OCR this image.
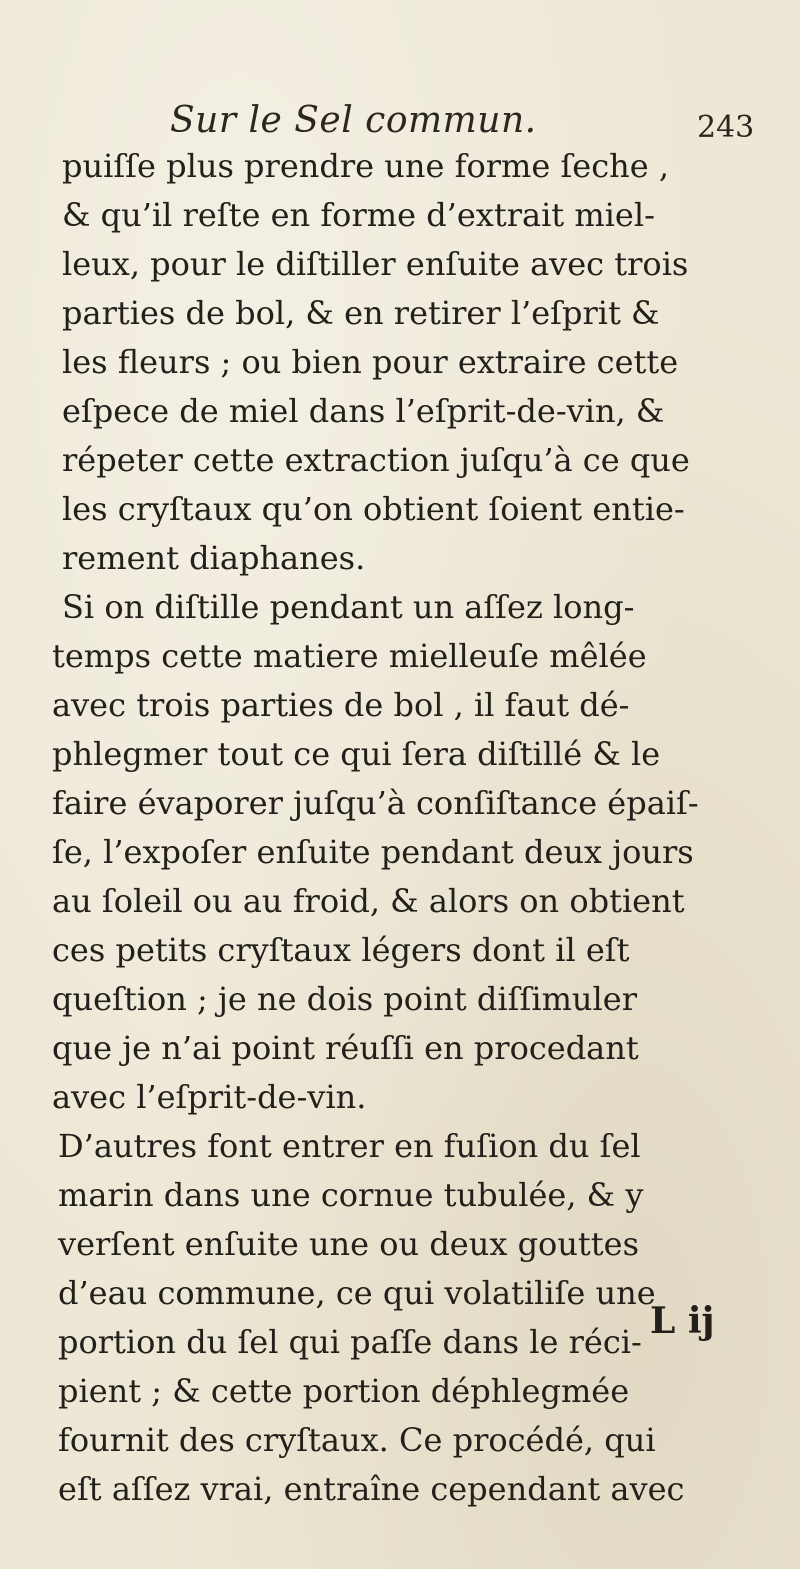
Sur le Sel commun.	243
puiſſe plus prendre une forme ſeche ,
& qu’il reſte en forme d’extrait miel-
leux, pour le diſtiller enſuite avec trois
parties de bol, & en retirer l’eſprit &
les fleurs ; ou bien pour extraire cette
eſpece de miel dans l’eſprit-de-vin, &
répeter cette extraction juſqu’à ce que
les cryſtaux qu’on obtient ſoient entie-
rement diaphanes.
Si on diſtille pendant un aſſez long-
temps cette matiere mielleuſe mêlée
avec trois parties de bol , il faut dé-
phlegmer tout ce qui ſera diſtillé & le
faire évaporer juſqu’à conſiſtance épaiſ-
ſe, l’expoſer enſuite pendant deux jours
au ſoleil ou au froid, & alors on obtient
ces petits cryſtaux légers dont il eſt
queſtion ; je ne dois point diſſimuler
que je n’ai point réuſſi en procedant
avec l’eſprit-de-vin.
D’autres font entrer en fuſion du ſel
marin dans une cornue tubulée, & y
verſent enſuite une ou deux gouttes
d’eau commune, ce qui volatiliſe une
portion du ſel qui paſſe dans le réci-
pient ; & cette portion déphlegmée
fournit des cryſtaux. Ce procédé, qui
eſt aſſez vrai, entraîne cependant avec
L ij
